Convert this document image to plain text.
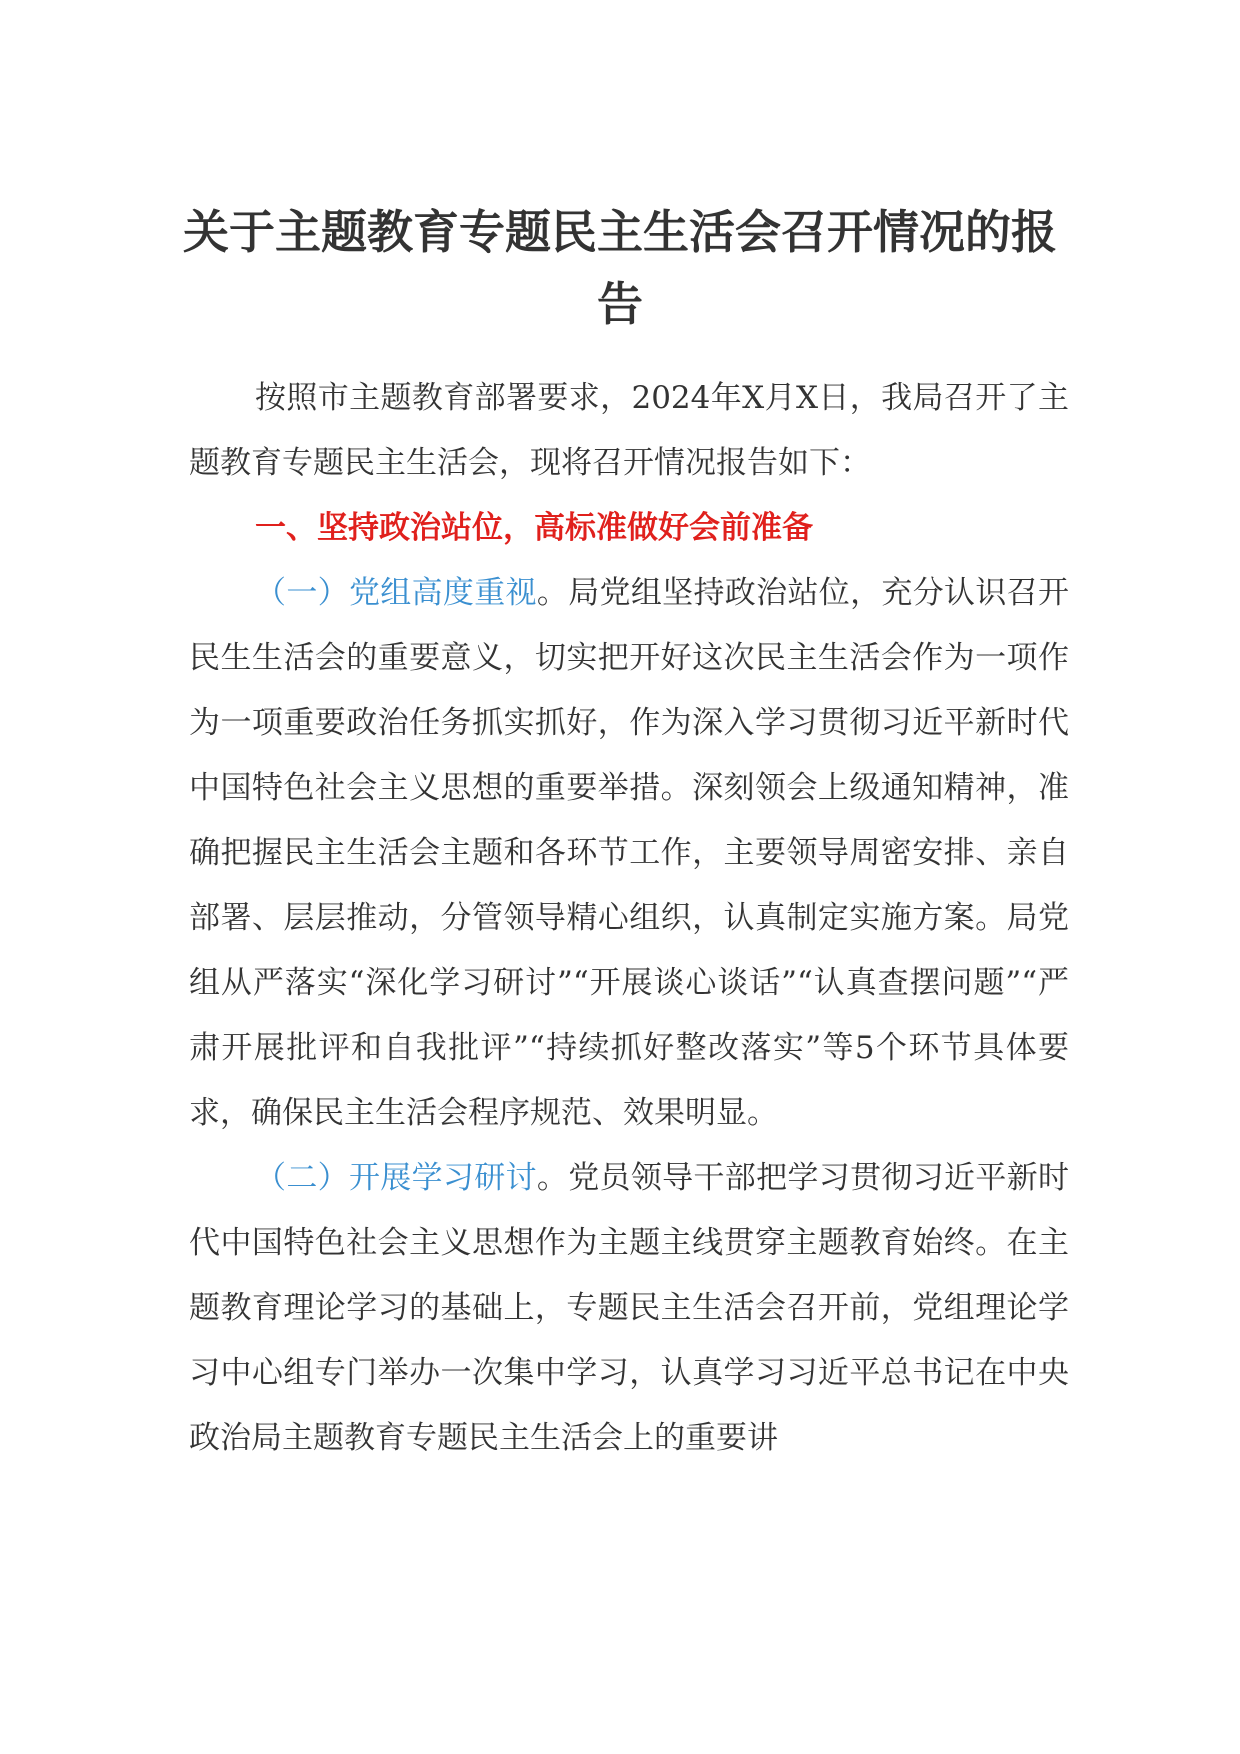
关于主题教育专题民主生活会召开情况的报告

按照市主题教育部署要求，2024年X月X日，我局召开了主题教育专题民主生活会，现将召开情况报告如下：

一、坚持政治站位，高标准做好会前准备

（一）党组高度重视。局党组坚持政治站位，充分认识召开民生生活会的重要意义，切实把开好这次民主生活会作为一项作为一项重要政治任务抓实抓好，作为深入学习贯彻习近平新时代中国特色社会主义思想的重要举措。深刻领会上级通知精神，准确把握民主生活会主题和各环节工作，主要领导周密安排、亲自部署、层层推动，分管领导精心组织，认真制定实施方案。局党组从严落实“深化学习研讨”“开展谈心谈话”“认真查摆问题”“严肃开展批评和自我批评”“持续抓好整改落实”等5个环节具体要求，确保民主生活会程序规范、效果明显。

（二）开展学习研讨。党员领导干部把学习贯彻习近平新时代中国特色社会主义思想作为主题主线贯穿主题教育始终。在主题教育理论学习的基础上，专题民主生活会召开前，党组理论学习中心组专门举办一次集中学习，认真学习习近平总书记在中央政治局主题教育专题民主生活会上的重要讲
